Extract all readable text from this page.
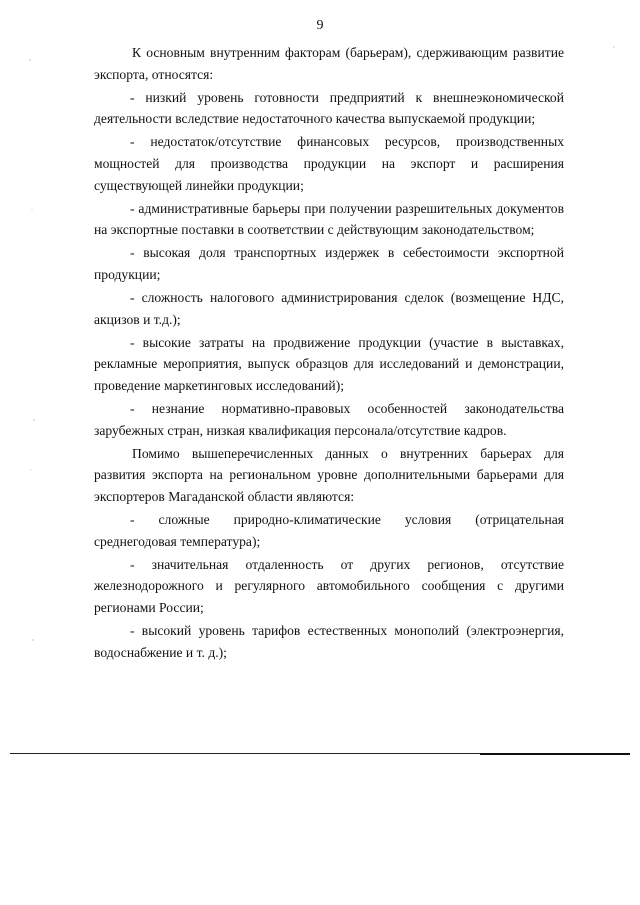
9

К основным внутренним факторам (барьерам), сдерживающим развитие экспорта, относятся:

- низкий уровень готовности предприятий к внешнеэкономической деятельности вследствие недостаточного качества выпускаемой продукции;

- недостаток/отсутствие финансовых ресурсов, производственных мощностей для производства продукции на экспорт и расширения существующей линейки продукции;

- административные барьеры при получении разрешительных документов на экспортные поставки в соответствии с действующим законодательством;

- высокая доля транспортных издержек в себестоимости экспортной продукции;

- сложность налогового администрирования сделок (возмещение НДС, акцизов и т.д.);

- высокие затраты на продвижение продукции (участие в выставках, рекламные мероприятия, выпуск образцов для исследований и демонстрации, проведение маркетинговых исследований);

- незнание нормативно-правовых особенностей законодательства зарубежных стран, низкая квалификация персонала/отсутствие кадров.

Помимо вышеперечисленных данных о внутренних барьерах для развития экспорта на региональном уровне дополнительными барьерами для экспортеров Магаданской области являются:

- сложные природно-климатические условия (отрицательная среднегодовая температура);

- значительная отдаленность от других регионов, отсутствие железнодорожного и регулярного автомобильного сообщения с другими регионами России;

- высокий уровень тарифов естественных монополий (электроэнергия, водоснабжение и т. д.);
